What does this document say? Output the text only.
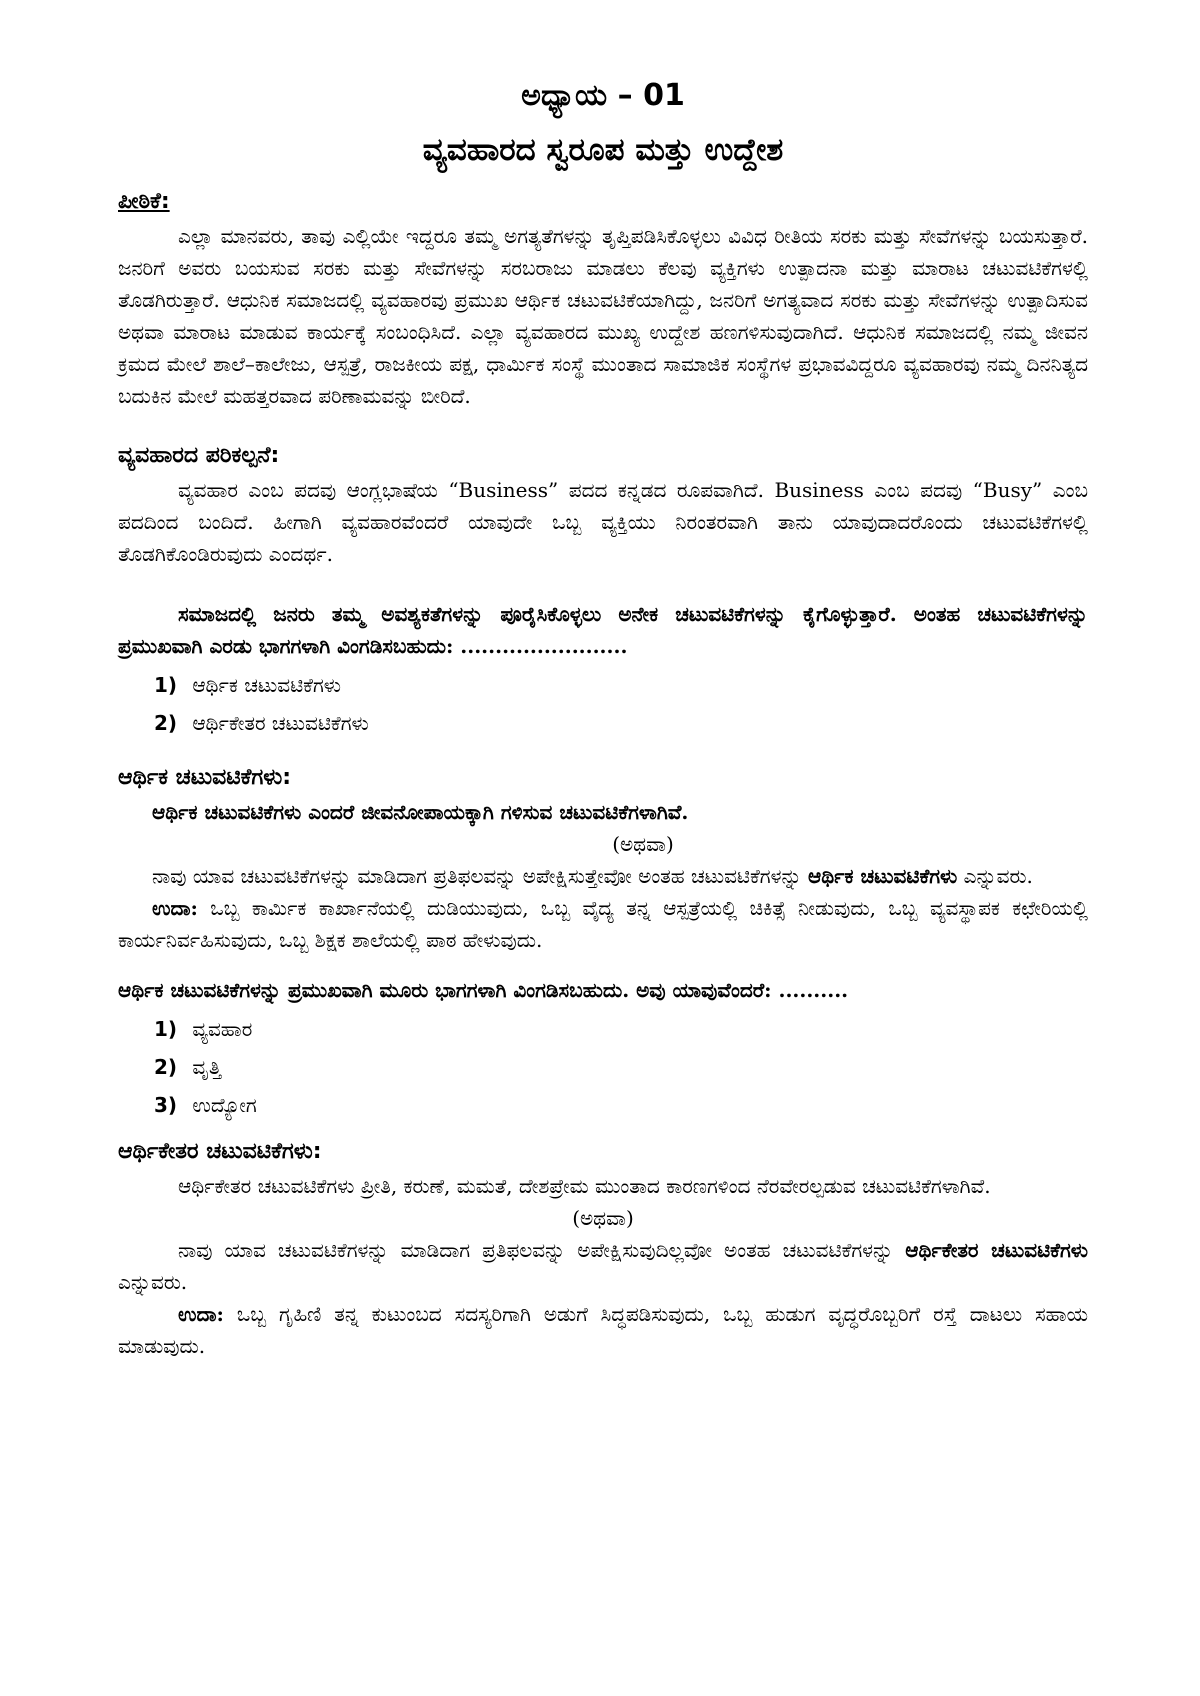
ಅಧ್ಯಾಯ – 01
ವ್ಯವಹಾರದ ಸ್ವರೂಪ ಮತ್ತು ಉದ್ದೇಶ
ಪೀಠಿಕೆ:

ಎಲ್ಲಾ ಮಾನವರು, ತಾವು ಎಲ್ಲಿಯೇ ಇದ್ದರೂ ತಮ್ಮ ಅಗತ್ಯತೆಗಳನ್ನು ತೃಪ್ತಿಪಡಿಸಿಕೊಳ್ಳಲು ವಿವಿಧ ರೀತಿಯ ಸರಕು ಮತ್ತು ಸೇವೆಗಳನ್ನು ಬಯಸುತ್ತಾರೆ. ಜನರಿಗೆ ಅವರು ಬಯಸುವ ಸರಕು ಮತ್ತು ಸೇವೆಗಳನ್ನು ಸರಬರಾಜು ಮಾಡಲು ಕೆಲವು ವ್ಯಕ್ತಿಗಳು ಉತ್ಪಾದನಾ ಮತ್ತು ಮಾರಾಟ ಚಟುವಟಿಕೆಗಳಲ್ಲಿ ತೊಡಗಿರುತ್ತಾರೆ. ಆಧುನಿಕ ಸಮಾಜದಲ್ಲಿ ವ್ಯವಹಾರವು ಪ್ರಮುಖ ಆರ್ಥಿಕ ಚಟುವಟಿಕೆಯಾಗಿದ್ದು, ಜನರಿಗೆ ಅಗತ್ಯವಾದ ಸರಕು ಮತ್ತು ಸೇವೆಗಳನ್ನು ಉತ್ಪಾದಿಸುವ ಅಥವಾ ಮಾರಾಟ ಮಾಡುವ ಕಾರ್ಯಕ್ಕೆ ಸಂಬಂಧಿಸಿದೆ. ಎಲ್ಲಾ ವ್ಯವಹಾರದ ಮುಖ್ಯ ಉದ್ದೇಶ ಹಣಗಳಿಸುವುದಾಗಿದೆ. ಆಧುನಿಕ ಸಮಾಜದಲ್ಲಿ ನಮ್ಮ ಜೀವನ ಕ್ರಮದ ಮೇಲೆ ಶಾಲೆ–ಕಾಲೇಜು, ಆಸ್ಪತ್ರೆ, ರಾಜಕೀಯ ಪಕ್ಷ, ಧಾರ್ಮಿಕ ಸಂಸ್ಥೆ ಮುಂತಾದ ಸಾಮಾಜಿಕ ಸಂಸ್ಥೆಗಳ ಪ್ರಭಾವವಿದ್ದರೂ ವ್ಯವಹಾರವು ನಮ್ಮ ದಿನನಿತ್ಯದ ಬದುಕಿನ ಮೇಲೆ ಮಹತ್ತರವಾದ ಪರಿಣಾಮವನ್ನು ಬೀರಿದೆ.

ವ್ಯವಹಾರದ ಪರಿಕಲ್ಪನೆ:

ವ್ಯವಹಾರ ಎಂಬ ಪದವು ಆಂಗ್ಲಭಾಷೆಯ “Business” ಪದದ ಕನ್ನಡದ ರೂಪವಾಗಿದೆ. Business ಎಂಬ ಪದವು “Busy” ಎಂಬ ಪದದಿಂದ ಬಂದಿದೆ. ಹೀಗಾಗಿ ವ್ಯವಹಾರವೆಂದರೆ ಯಾವುದೇ ಒಬ್ಬ ವ್ಯಕ್ತಿಯು ನಿರಂತರವಾಗಿ ತಾನು ಯಾವುದಾದರೊಂದು ಚಟುವಟಿಕೆಗಳಲ್ಲಿ ತೊಡಗಿಕೊಂಡಿರುವುದು ಎಂದರ್ಥ.

ಸಮಾಜದಲ್ಲಿ ಜನರು ತಮ್ಮ ಅವಶ್ಯಕತೆಗಳನ್ನು ಪೂರೈಸಿಕೊಳ್ಳಲು ಅನೇಕ ಚಟುವಟಿಕೆಗಳನ್ನು ಕೈಗೊಳ್ಳುತ್ತಾರೆ. ಅಂತಹ ಚಟುವಟಿಕೆಗಳನ್ನು ಪ್ರಮುಖವಾಗಿ ಎರಡು ಭಾಗಗಳಾಗಿ ವಿಂಗಡಿಸಬಹುದು: ........................

1) ಆರ್ಥಿಕ ಚಟುವಟಿಕೆಗಳು
2) ಆರ್ಥಿಕೇತರ ಚಟುವಟಿಕೆಗಳು
ಆರ್ಥಿಕ ಚಟುವಟಿಕೆಗಳು:

ಆರ್ಥಿಕ ಚಟುವಟಿಕೆಗಳು ಎಂದರೆ ಜೀವನೋಪಾಯಕ್ಕಾಗಿ ಗಳಿಸುವ ಚಟುವಟಿಕೆಗಳಾಗಿವೆ.

(ಅಥವಾ)

ನಾವು ಯಾವ ಚಟುವಟಿಕೆಗಳನ್ನು ಮಾಡಿದಾಗ ಪ್ರತಿಫಲವನ್ನು ಅಪೇಕ್ಷಿಸುತ್ತೇವೋ ಅಂತಹ ಚಟುವಟಿಕೆಗಳನ್ನು ಆರ್ಥಿಕ ಚಟುವಟಿಕೆಗಳು ಎನ್ನುವರು.

ಉದಾ: ಒಬ್ಬ ಕಾರ್ಮಿಕ ಕಾರ್ಖಾನೆಯಲ್ಲಿ ದುಡಿಯುವುದು, ಒಬ್ಬ ವೈದ್ಯ ತನ್ನ ಆಸ್ಪತ್ರೆಯಲ್ಲಿ ಚಿಕಿತ್ಸೆ ನೀಡುವುದು, ಒಬ್ಬ ವ್ಯವಸ್ಥಾಪಕ ಕಛೇರಿಯಲ್ಲಿ ಕಾರ್ಯನಿರ್ವಹಿಸುವುದು, ಒಬ್ಬ ಶಿಕ್ಷಕ ಶಾಲೆಯಲ್ಲಿ ಪಾಠ ಹೇಳುವುದು.

ಆರ್ಥಿಕ ಚಟುವಟಿಕೆಗಳನ್ನು ಪ್ರಮುಖವಾಗಿ ಮೂರು ಭಾಗಗಳಾಗಿ ವಿಂಗಡಿಸಬಹುದು. ಅವು ಯಾವುವೆಂದರೆ: ..........

1) ವ್ಯವಹಾರ
2) ವೃತ್ತಿ
3) ಉದ್ಯೋಗ
ಆರ್ಥಿಕೇತರ ಚಟುವಟಿಕೆಗಳು:

ಆರ್ಥಿಕೇತರ ಚಟುವಟಿಕೆಗಳು ಪ್ರೀತಿ, ಕರುಣೆ, ಮಮತೆ, ದೇಶಪ್ರೇಮ ಮುಂತಾದ ಕಾರಣಗಳಿಂದ ನೆರವೇರಲ್ಪಡುವ ಚಟುವಟಿಕೆಗಳಾಗಿವೆ.

(ಅಥವಾ)

ನಾವು ಯಾವ ಚಟುವಟಿಕೆಗಳನ್ನು ಮಾಡಿದಾಗ ಪ್ರತಿಫಲವನ್ನು ಅಪೇಕ್ಷಿಸುವುದಿಲ್ಲವೋ ಅಂತಹ ಚಟುವಟಿಕೆಗಳನ್ನು ಆರ್ಥಿಕೇತರ ಚಟುವಟಿಕೆಗಳು ಎನ್ನುವರು.

ಉದಾ: ಒಬ್ಬ ಗೃಹಿಣಿ ತನ್ನ ಕುಟುಂಬದ ಸದಸ್ಯರಿಗಾಗಿ ಅಡುಗೆ ಸಿದ್ಧಪಡಿಸುವುದು, ಒಬ್ಬ ಹುಡುಗ ವೃದ್ಧರೊಬ್ಬರಿಗೆ ರಸ್ತೆ ದಾಟಲು ಸಹಾಯ ಮಾಡುವುದು.
